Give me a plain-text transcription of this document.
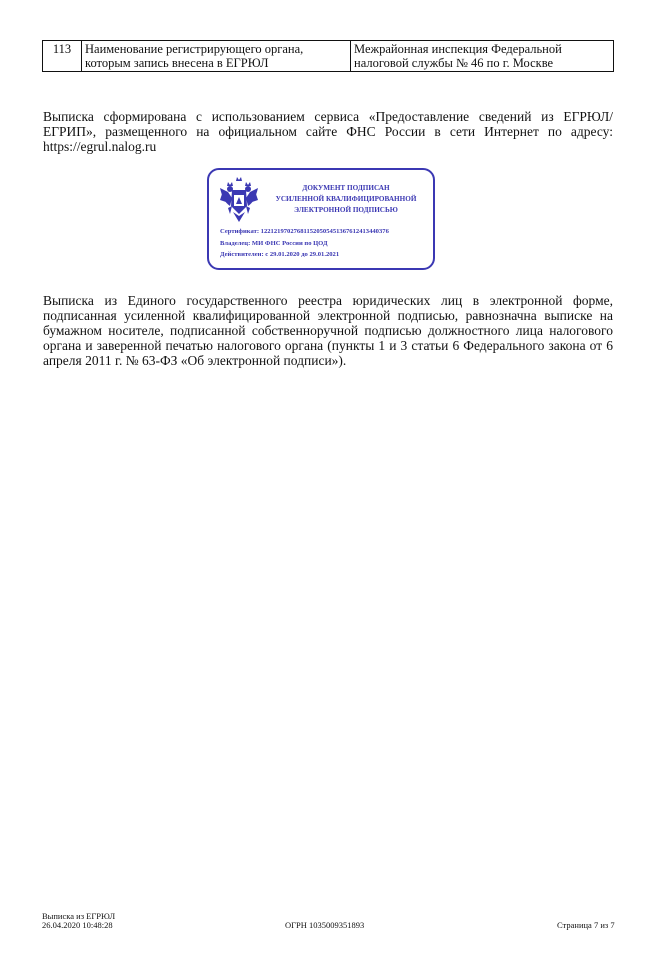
113	Наименование регистрирующего органа, которым запись внесена в ЕГРЮЛ	Межрайонная инспекция Федеральной налоговой службы № 46 по г. Москве

Выписка сформирована с использованием сервиса «Предоставление сведений из ЕГРЮЛ/ЕГРИП», размещенного на официальном сайте ФНС России в сети Интернет по адресу: https://egrul.nalog.ru

ДОКУМЕНТ ПОДПИСАН
УСИЛЕННОЙ КВАЛИФИЦИРОВАННОЙ
ЭЛЕКТРОННОЙ ПОДПИСЬЮ
Сертификат: 122121970276811520505451367612413440376
Владелец: МИ ФНС России по ЦОД
Действителен: с 29.01.2020 до 29.01.2021

Выписка из Единого государственного реестра юридических лиц в электронной форме, подписанная усиленной квалифицированной электронной подписью, равнозначна выписке на бумажном носителе, подписанной собственноручной подписью должностного лица налогового органа и заверенной печатью налогового органа (пункты 1 и 3 статьи 6 Федерального закона от 6 апреля 2011 г. № 63-ФЗ «Об электронной подписи»).

Выписка из ЕГРЮЛ
26.04.2020 10:48:28	ОГРН 1035009351893	Страница 7 из 7
